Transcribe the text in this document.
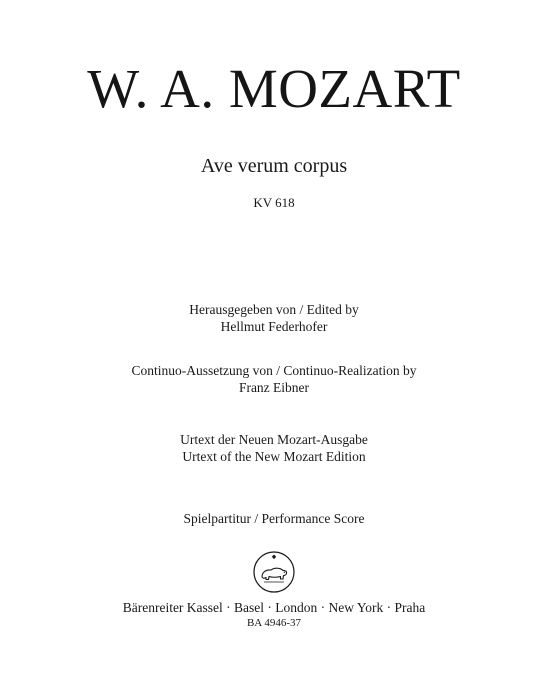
W. A. MOZART
Ave verum corpus
KV 618
Herausgegeben von / Edited by
Hellmut Federhofer
Continuo-Aussetzung von / Continuo-Realization by
Franz Eibner
Urtext der Neuen Mozart-Ausgabe
Urtext of the New Mozart Edition
Spielpartitur / Performance Score
Bärenreiter Kassel · Basel · London · New York · Praha
BA 4946-37
